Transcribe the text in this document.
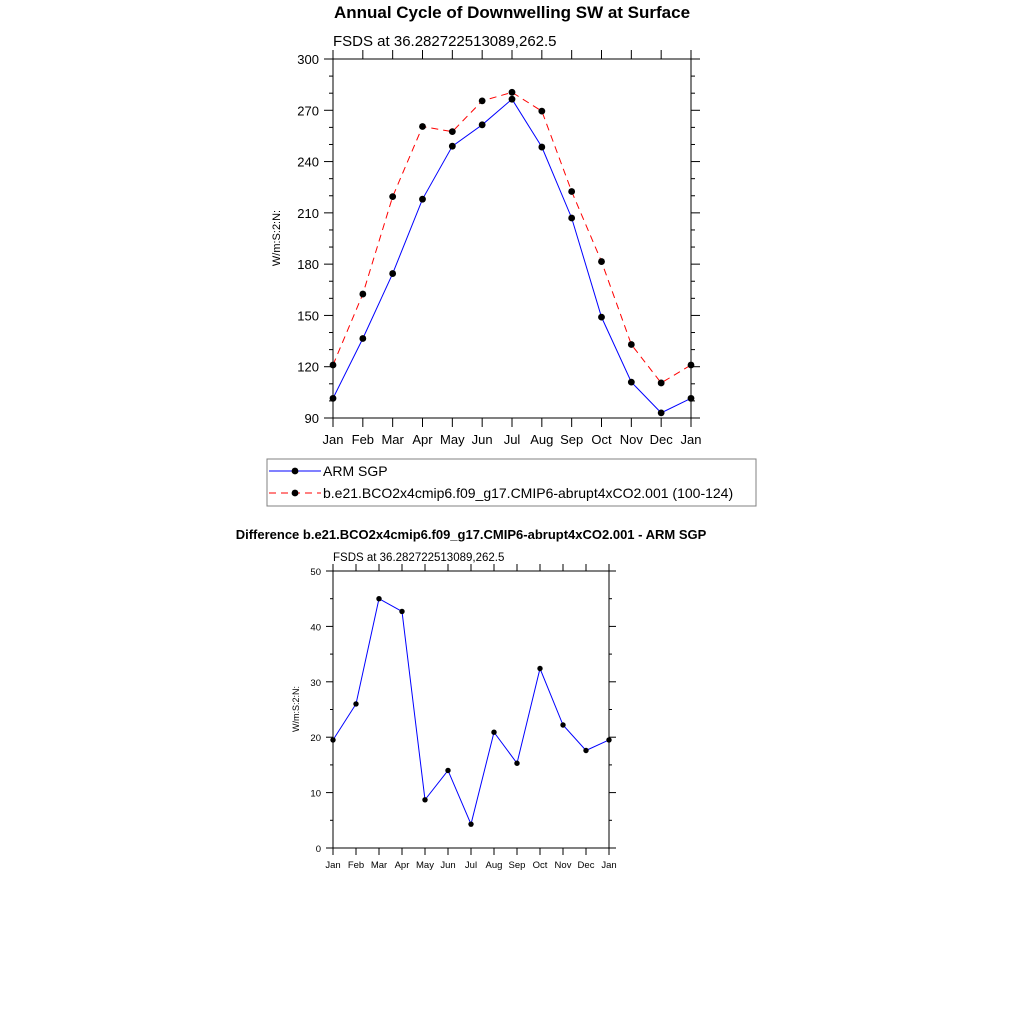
Annual Cycle of Downwelling SW at Surface
FSDS at 36.282722513089,262.5
W/m:S:2:N:
Jan Feb Mar Apr May Jun Jul Aug Sep Oct Nov Dec Jan
90
120
150
180
210
240
270
300
ARM SGP
b.e21.BCO2x4cmip6.f09_g17.CMIP6-abrupt4xCO2.001 (100-124)
Difference b.e21.BCO2x4cmip6.f09_g17.CMIP6-abrupt4xCO2.001 - ARM SGP
FSDS at 36.282722513089,262.5
W/m:S:2:N:
Jan Feb Mar Apr May Jun Jul Aug Sep Oct Nov Dec Jan
0
10
20
30
40
50
